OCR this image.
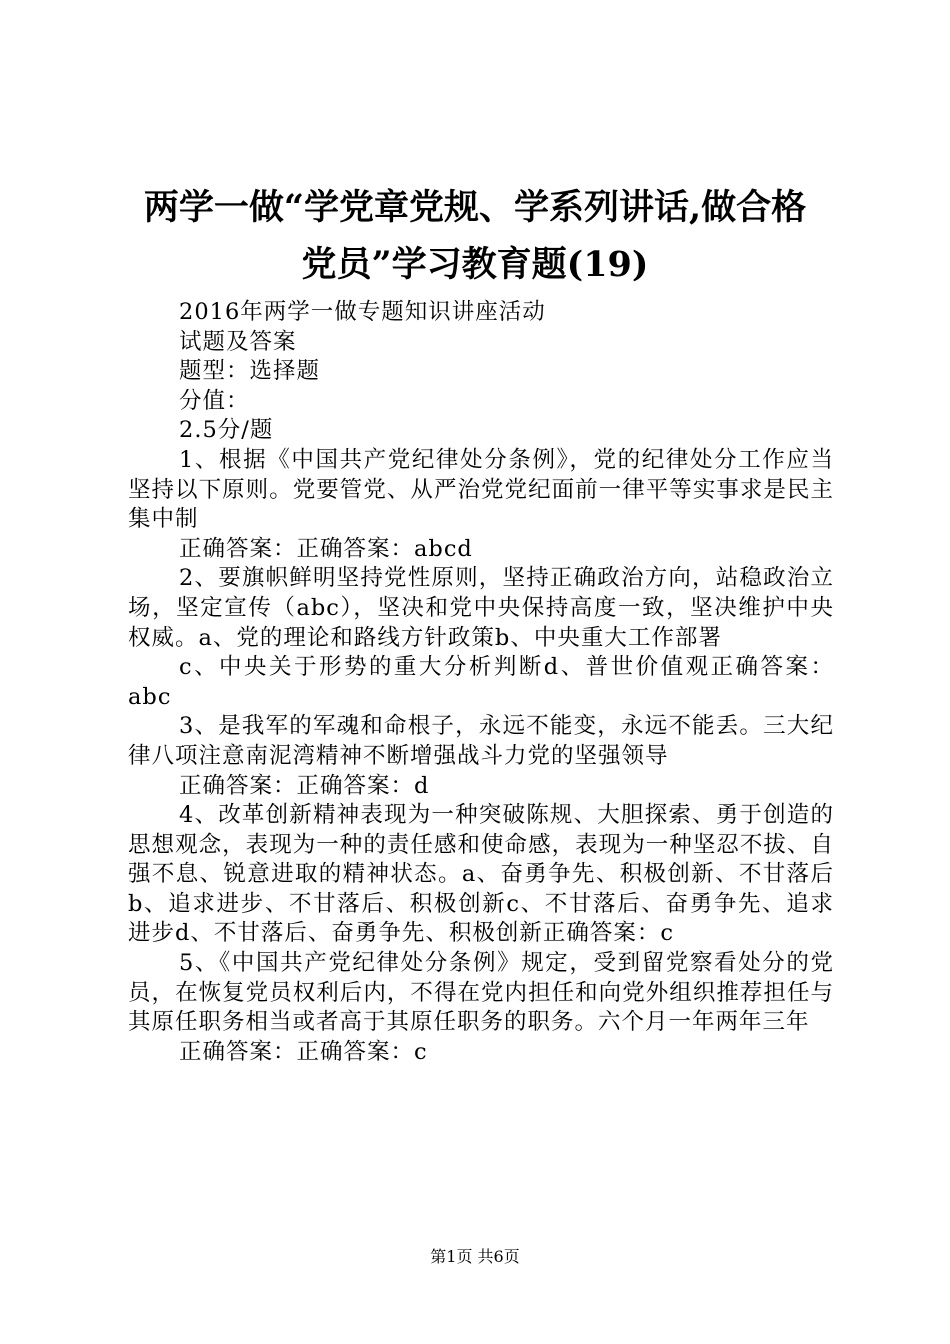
两学一做“学党章党规、学系列讲话,做合格
党员”学习教育题(19)

2016年两学一做专题知识讲座活动

试题及答案

题型：选择题

分值：

2.5分/题

1、根据《中国共产党纪律处分条例》，党的纪律处分工作应当坚持以下原则。党要管党、从严治党党纪面前一律平等实事求是民主集中制

正确答案：正确答案：abcd

2、要旗帜鲜明坚持党性原则，坚持正确政治方向，站稳政治立场，坚定宣传（abc），坚决和党中央保持高度一致，坚决维护中央权威。a、党的理论和路线方针政策b、中央重大工作部署

c、中央关于形势的重大分析判断d、普世价值观正确答案：abc

3、是我军的军魂和命根子，永远不能变，永远不能丢。三大纪律八项注意南泥湾精神不断增强战斗力党的坚强领导

正确答案：正确答案：d

4、改革创新精神表现为一种突破陈规、大胆探索、勇于创造的思想观念，表现为一种的责任感和使命感，表现为一种坚忍不拔、自强不息、锐意进取的精神状态。a、奋勇争先、积极创新、不甘落后b、追求进步、不甘落后、积极创新c、不甘落后、奋勇争先、追求进步d、不甘落后、奋勇争先、积极创新正确答案：c

5、《中国共产党纪律处分条例》规定，受到留党察看处分的党员，在恢复党员权利后内，不得在党内担任和向党外组织推荐担任与其原任职务相当或者高于其原任职务的职务。六个月一年两年三年

正确答案：正确答案：c

第1页 共6页
